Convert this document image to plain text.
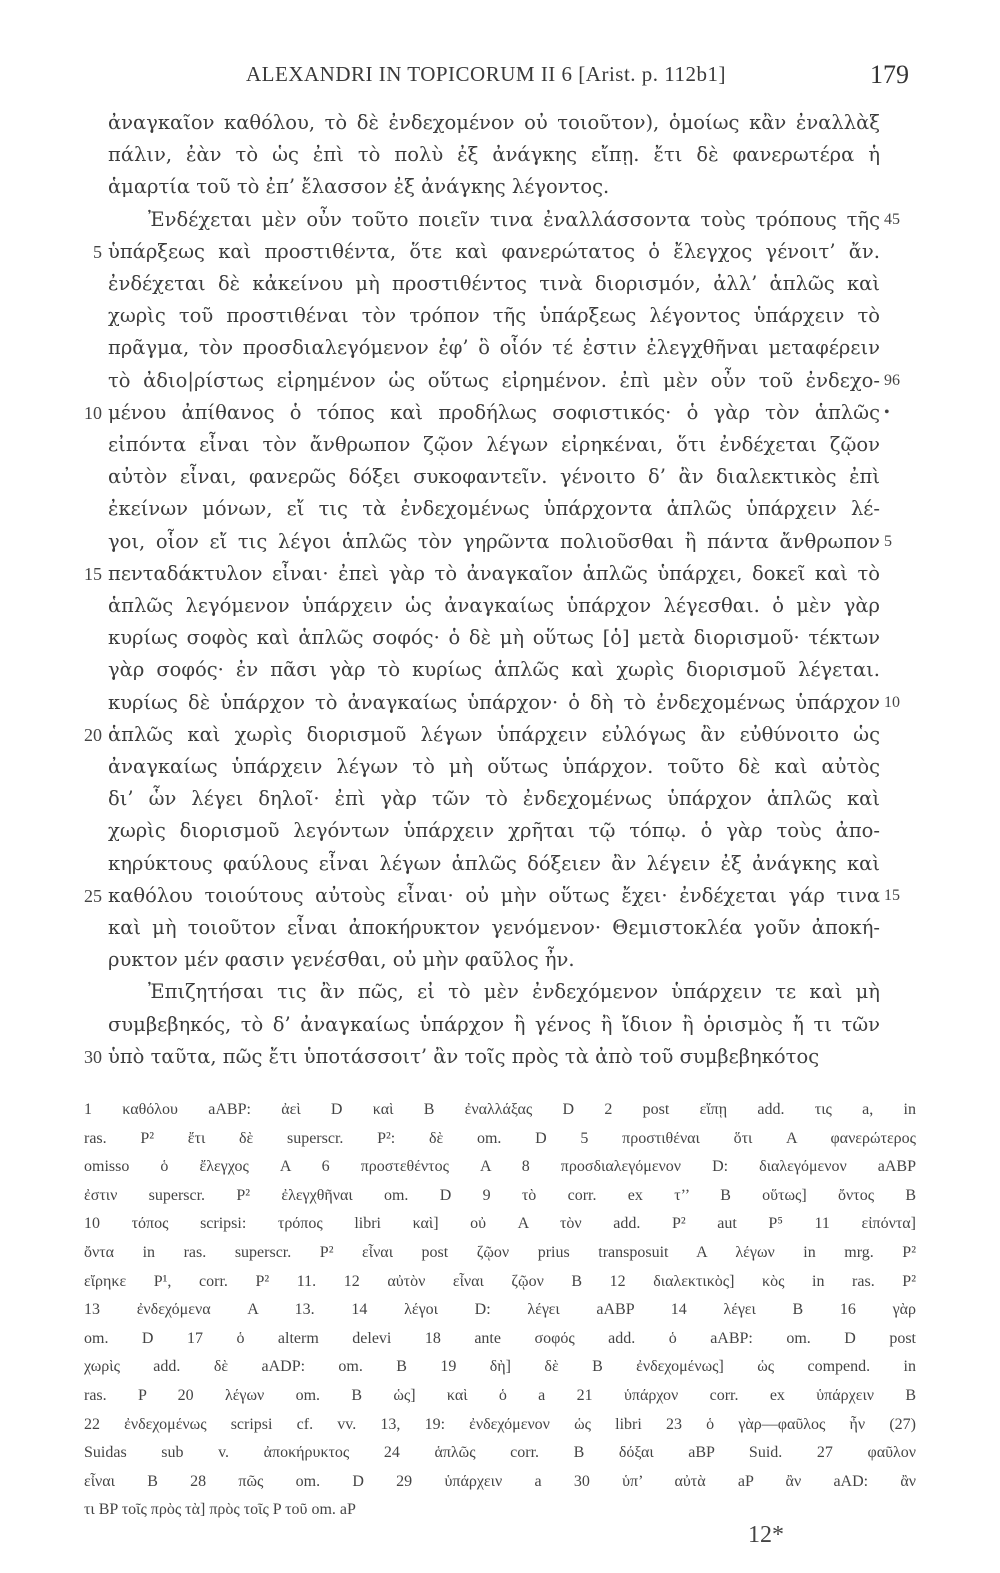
ALEXANDRI IN TOPICORUM II 6 [Arist. p. 112b1]	179
ἀναγκαῖον καθόλου, τὸ δὲ ἐνδεχομένον οὐ τοιοῦτον), ὁμοίως κἂν ἐναλλὰξ
πάλιν, ἐὰν τὸ ὡς ἐπὶ τὸ πολὺ ἐξ ἀνάγκης εἴπῃ. ἔτι δὲ φανερωτέρα ἡ
ἁμαρτία τοῦ τὸ ἐπ’ ἔλασσον ἐξ ἀνάγκης λέγοντος.
Ἐνδέχεται μὲν οὖν τοῦτο ποιεῖν τινα ἐναλλάσσοντα τοὺς τρόπους τῆς 45
5 ὑπάρξεως καὶ προστιθέντα, ὅτε καὶ φανερώτατος ὁ ἔλεγχος γένοιτ’ ἄν.
ἐνδέχεται δὲ κἀκείνου μὴ προστιθέντος τινὰ διορισμόν, ἀλλ’ ἁπλῶς καὶ
χωρὶς τοῦ προστιθέναι τὸν τρόπον τῆς ὑπάρξεως λέγοντος ὑπάρχειν τὸ
πρᾶγμα, τὸν προσδιαλεγόμενον ἐφ’ ὃ οἷόν τέ ἐστιν ἐλεγχθῆναι μεταφέρειν
τὸ ἀδιο|ρίστως εἰρημένον ὡς οὕτως εἰρημένον. ἐπὶ μὲν οὖν τοῦ ἐνδεχο- 96
10 μένου ἀπίθανος ὁ τόπος καὶ προδήλως σοφιστικός· ὁ γὰρ τὸν ἁπλῶς •
εἰπόντα εἶναι τὸν ἄνθρωπον ζῷον λέγων εἰρηκέναι, ὅτι ἐνδέχεται ζῷον
αὐτὸν εἶναι, φανερῶς δόξει συκοφαντεῖν. γένοιτο δ’ ἂν διαλεκτικὸς ἐπὶ
ἐκείνων μόνων, εἴ τις τὰ ἐνδεχομένως ὑπάρχοντα ἁπλῶς ὑπάρχειν λέ-
γοι, οἷον εἴ τις λέγοι ἁπλῶς τὸν γηρῶντα πολιοῦσθαι ἢ πάντα ἄνθρωπον 5
15 πενταδάκτυλον εἶναι· ἐπεὶ γὰρ τὸ ἀναγκαῖον ἁπλῶς ὑπάρχει, δοκεῖ καὶ τὸ
ἁπλῶς λεγόμενον ὑπάρχειν ὡς ἀναγκαίως ὑπάρχον λέγεσθαι. ὁ μὲν γὰρ
κυρίως σοφὸς καὶ ἁπλῶς σοφός· ὁ δὲ μὴ οὕτως [ὁ] μετὰ διορισμοῦ· τέκτων
γὰρ σοφός· ἐν πᾶσι γὰρ τὸ κυρίως ἁπλῶς καὶ χωρὶς διορισμοῦ λέγεται.
κυρίως δὲ ὑπάρχον τὸ ἀναγκαίως ὑπάρχον· ὁ δὴ τὸ ἐνδεχομένως ὑπάρχον 10
20 ἁπλῶς καὶ χωρὶς διορισμοῦ λέγων ὑπάρχειν εὐλόγως ἂν εὐθύνοιτο ὡς
ἀναγκαίως ὑπάρχειν λέγων τὸ μὴ οὕτως ὑπάρχον. τοῦτο δὲ καὶ αὐτὸς
δι’ ὧν λέγει δηλοῖ· ἐπὶ γὰρ τῶν τὸ ἐνδεχομένως ὑπάρχον ἁπλῶς καὶ
χωρὶς διορισμοῦ λεγόντων ὑπάρχειν χρῆται τῷ τόπῳ. ὁ γὰρ τοὺς ἀπο-
κηρύκτους φαύλους εἶναι λέγων ἁπλῶς δόξειεν ἂν λέγειν ἐξ ἀνάγκης καὶ
25 καθόλου τοιούτους αὐτοὺς εἶναι· οὐ μὴν οὕτως ἔχει· ἐνδέχεται γάρ τινα 15
καὶ μὴ τοιοῦτον εἶναι ἀποκήρυκτον γενόμενον· Θεμιστοκλέα γοῦν ἀποκή-
ρυκτον μέν φασιν γενέσθαι, οὐ μὴν φαῦλος ἦν.
Ἐπιζητήσαι τις ἂν πῶς, εἰ τὸ μὲν ἐνδεχόμενον ὑπάρχειν τε καὶ μὴ
συμβεβηκός, τὸ δ’ ἀναγκαίως ὑπάρχον ἢ γένος ἢ ἴδιον ἢ ὁρισμὸς ἤ τι τῶν
30 ὑπὸ ταῦτα, πῶς ἔτι ὑποτάσσοιτ’ ἂν τοῖς πρὸς τὰ ἀπὸ τοῦ συμβεβηκότος
1 καθόλου aABP: ἀεὶ D καὶ B ἐναλλάξας D 2 post εἴπῃ add. τις a, in
ras. P² ἔτι δὲ superscr. P²: δὲ om. D 5 προστιθέναι ὅτι A φανερώτερος
omisso ὁ ἔλεγχος A 6 προστεθέντος A 8 προσδιαλεγόμενον D: διαλεγόμενον aABP
ἐστιν superscr. P² ἐλεγχθῆναι om. D 9 τὸ corr. ex τ’’ B οὕτως] ὄντος B
10 τόπος scripsi: τρόπος libri καὶ] οὐ A τὸν add. P² aut P⁵ 11 εἰπόντα]
ὄντα in ras. superscr. P² εἶναι post ζῷον prius transposuit A λέγων in mrg. P²
εἴρηκε P¹, corr. P² 11. 12 αὐτὸν εἶναι ζῷον B 12 διαλεκτικὸς] κὸς in ras. P²
13 ἐνδεχόμενα A 13. 14 λέγοι D: λέγει aABP 14 λέγει B 16 γὰρ
om. D 17 ὁ alterm delevi 18 ante σοφός add. ὁ aABP: om. D post
χωρὶς add. δὲ aADP: om. B 19 δὴ] δὲ B ἐνδεχομένως] ὡς compend. in
ras. P 20 λέγων om. B ὡς] καὶ ὁ a 21 ὑπάρχον corr. ex ὑπάρχειν B
22 ἐνδεχομένως scripsi cf. vv. 13, 19: ἐνδεχόμενον ὡς libri 23 ὁ γὰρ—φαῦλος ἦν (27)
Suidas sub v. ἀποκήρυκτος 24 ἁπλῶς corr. B δόξαι aBP Suid. 27 φαῦλον
εἶναι B 28 πῶς om. D 29 ὑπάρχειν a 30 ὑπ’ αὐτὰ aP ἂν aAD: ἂν
τι BP τοῖς πρὸς τὰ] πρὸς τοῖς P τοῦ om. aP
12*
